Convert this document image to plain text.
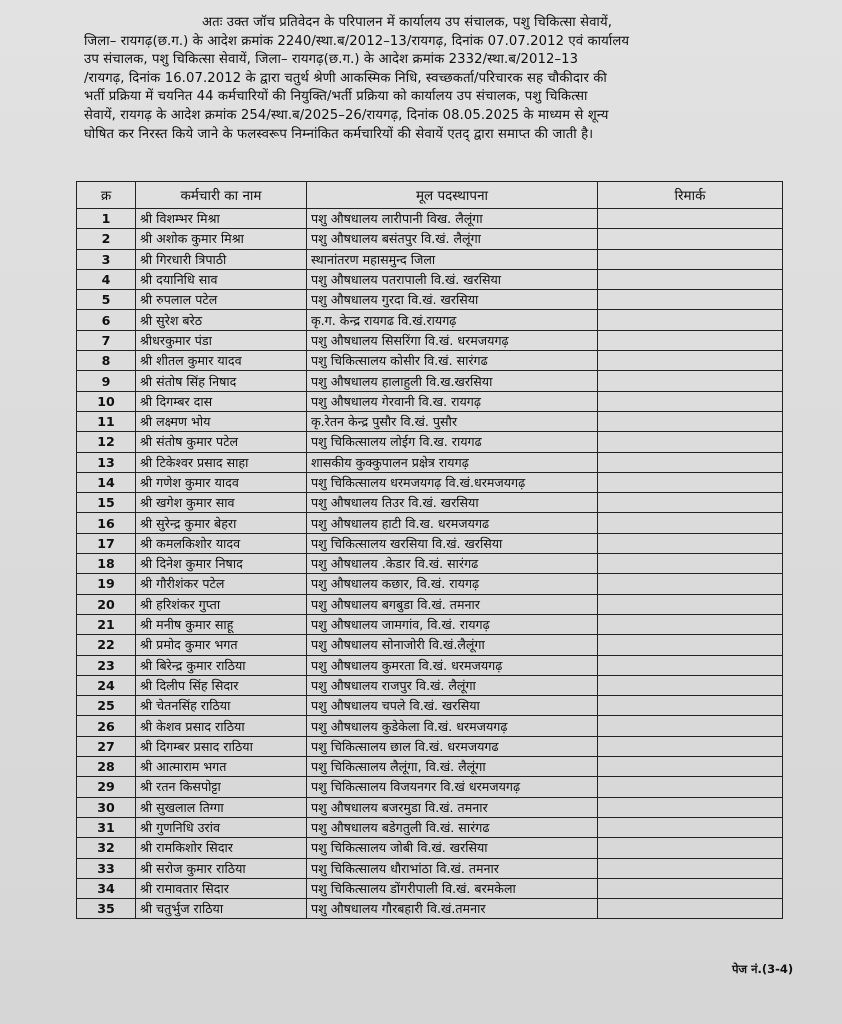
अतः उक्त जॉच प्रतिवेदन के परिपालन में कार्यालय उप संचालक, पशु चिकित्सा सेवायें,
जिला– रायगढ़(छ.ग.) के आदेश क्रमांक 2240/स्था.ब/2012–13/रायगढ़, दिनांक 07.07.2012 एवं कार्यालय
उप संचालक, पशु चिकित्सा सेवायें, जिला– रायगढ़(छ.ग.) के आदेश क्रमांक 2332/स्था.ब/2012–13
/रायगढ़, दिनांक 16.07.2012 के द्वारा चतुर्थ श्रेणी आकस्मिक निधि, स्वच्छकर्ता/परिचारक सह चौकीदार की
भर्ती प्रक्रिया में चयनित 44 कर्मचारियों की नियुक्ति/भर्ती प्रक्रिया को कार्यालय उप संचालक, पशु चिकित्सा
सेवायें, रायगढ़ के आदेश क्रमांक 254/स्था.ब/2025–26/रायगढ़, दिनांक 08.05.2025 के माध्यम से शून्य
घोषित कर निरस्त किये जाने के फलस्वरूप निम्नांकित कर्मचारियों की सेवायें एतद् द्वारा समाप्त की जाती है।
क्र	कर्मचारी का नाम	मूल पदस्थापना	रिमार्क
1	श्री विशम्भर मिश्रा	पशु औषधालय लारीपानी विख. लैलूंगा	
2	श्री अशोक कुमार मिश्रा	पशु औषधालय बसंतपुर वि.खं. लैलूंगा	
3	श्री गिरधारी त्रिपाठी	स्थानांतरण महासमुन्द जिला	
4	श्री दयानिधि साव	पशु औषधालय पतरापाली वि.खं. खरसिया	
5	श्री रुपलाल पटेल	पशु औषधालय गुरदा वि.खं. खरसिया	
6	श्री सुरेश बरेठ	कृ.ग. केन्द्र रायगढ वि.खं.रायगढ़	
7	श्रीधरकुमार पंडा	पशु औषधालय सिसरिंगा वि.खं. धरमजयगढ़	
8	श्री शीतल कुमार यादव	पशु चिकित्सालय कोसीर वि.खं. सारंगढ	
9	श्री संतोष सिंह निषाद	पशु औषधालय हालाहुली वि.ख.खरसिया	
10	श्री दिगम्बर दास	पशु औषधालय गेरवानी वि.ख. रायगढ़	
11	श्री लक्ष्मण भोय	कृ.रेतन केन्द्र पुसौर वि.खं. पुसौर	
12	श्री संतोष कुमार पटेल	पशु चिकित्सालय लोईग वि.ख. रायगढ	
13	श्री टिकेश्वर प्रसाद साहा	शासकीय कुक्कुपालन प्रक्षेत्र रायगढ़	
14	श्री गणेश कुमार यादव	पशु चिकित्सालय धरमजयगढ़ वि.खं.धरमजयगढ़	
15	श्री खगेश कुमार साव	पशु औषधालय तिउर वि.खं. खरसिया	
16	श्री सुरेन्द्र कुमार बेहरा	पशु औषधालय हाटी वि.ख. धरमजयगढ	
17	श्री कमलकिशोर यादव	पशु चिकित्सालय खरसिया वि.खं. खरसिया	
18	श्री दिनेश कुमार निषाद	पशु औषधालय .केडार वि.खं. सारंगढ	
19	श्री गौरीशंकर पटेल	पशु औषधालय कछार, वि.खं. रायगढ़	
20	श्री हरिशंकर गुप्ता	पशु औषधालय बगबुडा वि.खं. तमनार	
21	श्री मनीष कुमार साहू	पशु औषधालय जामगांव, वि.खं. रायगढ़	
22	श्री प्रमोद कुमार भगत	पशु औषधालय सोनाजोरी वि.खं.लैलूंगा	
23	श्री बिरेन्द्र कुमार राठिया	पशु औषधालय कुमरता वि.खं. धरमजयगढ़	
24	श्री दिलीप सिंह सिदार	पशु औषधालय राजपुर वि.खं. लैलूंगा	
25	श्री चेतनसिंह राठिया	पशु औषधालय चपले वि.खं. खरसिया	
26	श्री केशव प्रसाद राठिया	पशु औषधालय कुडेकेला वि.खं. धरमजयगढ़	
27	श्री दिगम्बर प्रसाद राठिया	पशु चिकित्सालय छाल वि.खं. धरमजयगढ	
28	श्री आत्माराम भगत	पशु चिकित्सालय लैलूंगा, वि.खं. लैलूंगा	
29	श्री रतन किसपोट्टा	पशु चिकित्सालय विजयनगर वि.खं धरमजयगढ़	
30	श्री सुखलाल तिग्गा	पशु औषधालय बजरमुडा वि.खं. तमनार	
31	श्री गुणनिधि उरांव	पशु औषधालय बडेगतुली वि.खं. सारंगढ	
32	श्री रामकिशोर सिदार	पशु चिकित्सालय जोबी वि.खं. खरसिया	
33	श्री सरोज कुमार राठिया	पशु चिकित्सालय धौराभांठा वि.खं. तमनार	
34	श्री रामावतार सिदार	पशु चिकित्सालय डोंगरीपाली वि.खं. बरमकेला	
35	श्री चतुर्भुज राठिया	पशु औषधालय गौरबहारी वि.खं.तमनार	
पेज नं.(3-4)
